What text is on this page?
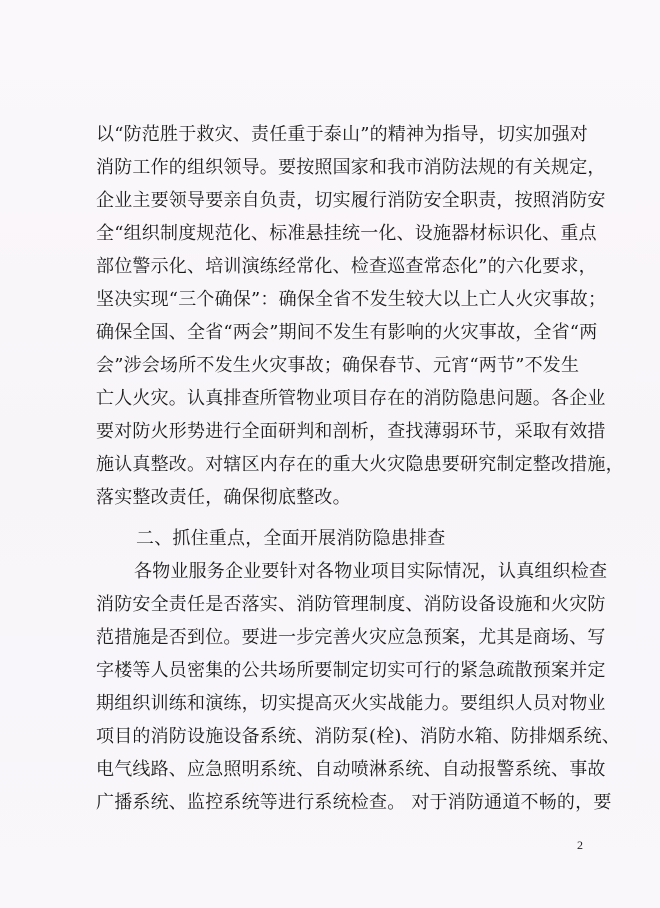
以“防范胜于救灾、责任重于泰山”的精神为指导，切实加强对
消防工作的组织领导。要按照国家和我市消防法规的有关规定，
企业主要领导要亲自负责，切实履行消防安全职责，按照消防安
全“组织制度规范化、标准悬挂统一化、设施器材标识化、重点
部位警示化、培训演练经常化、检查巡查常态化”的六化要求，
坚决实现“三个确保”：确保全省不发生较大以上亡人火灾事故；
确保全国、全省“两会”期间不发生有影响的火灾事故，全省“两
会”涉会场所不发生火灾事故；确保春节、元宵“两节”不发生
亡人火灾。认真排查所管物业项目存在的消防隐患问题。各企业
要对防火形势进行全面研判和剖析，查找薄弱环节，采取有效措
施认真整改。对辖区内存在的重大火灾隐患要研究制定整改措施，
落实整改责任，确保彻底整改。
二、抓住重点，全面开展消防隐患排查
各物业服务企业要针对各物业项目实际情况，认真组织检查
消防安全责任是否落实、消防管理制度、消防设备设施和火灾防
范措施是否到位。要进一步完善火灾应急预案，尤其是商场、写
字楼等人员密集的公共场所要制定切实可行的紧急疏散预案并定
期组织训练和演练，切实提高灭火实战能力。要组织人员对物业
项目的消防设施设备系统、消防泵(栓)、消防水箱、防排烟系统、
电气线路、应急照明系统、自动喷淋系统、自动报警系统、事故
广播系统、监控系统等进行系统检查。 对于消防通道不畅的，要
2
